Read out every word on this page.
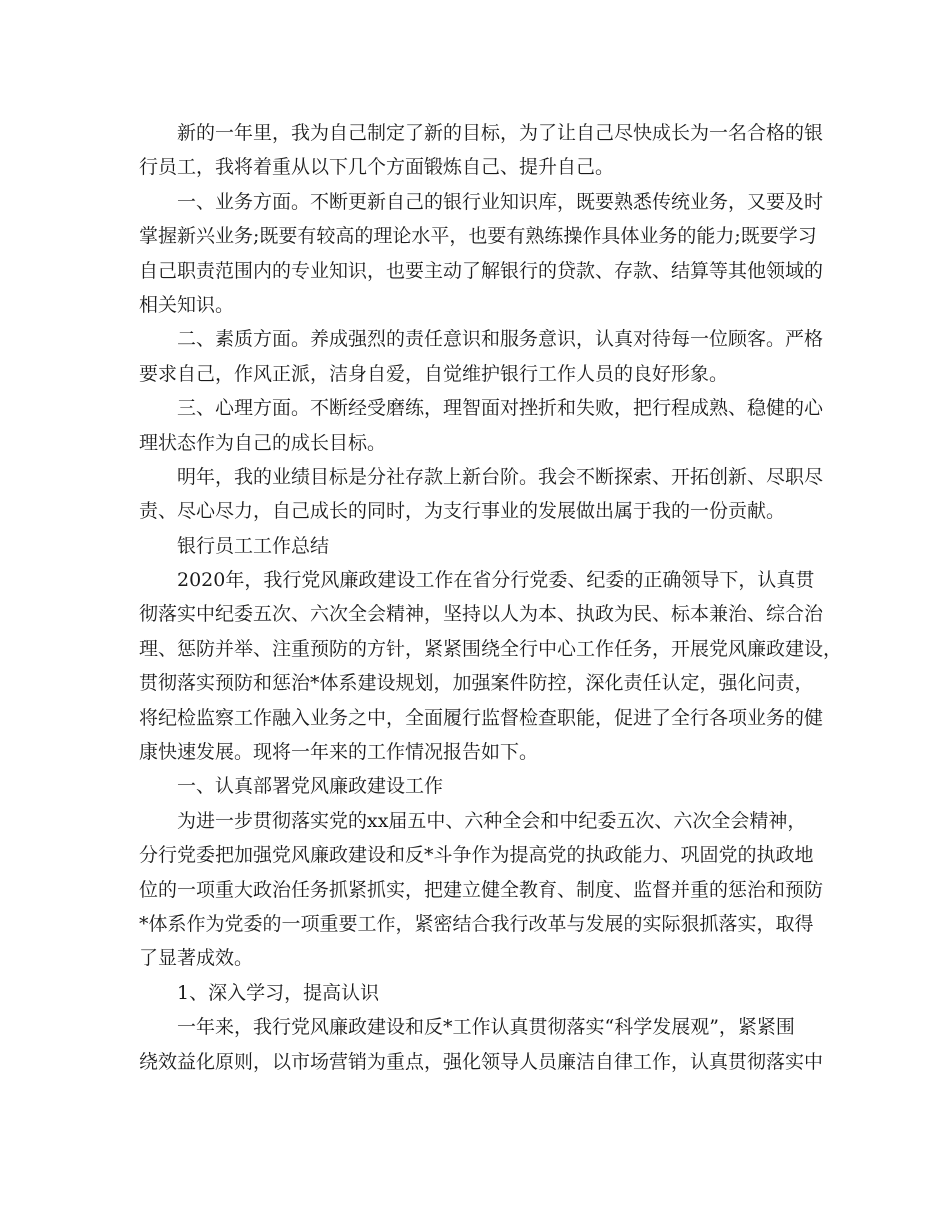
新的一年里，我为自己制定了新的目标，为了让自己尽快成长为一名合格的银
行员工，我将着重从以下几个方面锻炼自己、提升自己。
一、业务方面。不断更新自己的银行业知识库，既要熟悉传统业务，又要及时
掌握新兴业务;既要有较高的理论水平，也要有熟练操作具体业务的能力;既要学习
自己职责范围内的专业知识，也要主动了解银行的贷款、存款、结算等其他领域的
相关知识。
二、素质方面。养成强烈的责任意识和服务意识，认真对待每一位顾客。严格
要求自己，作风正派，洁身自爱，自觉维护银行工作人员的良好形象。
三、心理方面。不断经受磨练，理智面对挫折和失败，把行程成熟、稳健的心
理状态作为自己的成长目标。
明年，我的业绩目标是分社存款上新台阶。我会不断探索、开拓创新、尽职尽
责、尽心尽力，自己成长的同时，为支行事业的发展做出属于我的一份贡献。
银行员工工作总结
2020年，我行党风廉政建设工作在省分行党委、纪委的正确领导下，认真贯
彻落实中纪委五次、六次全会精神，坚持以人为本、执政为民、标本兼治、综合治
理、惩防并举、注重预防的方针，紧紧围绕全行中心工作任务，开展党风廉政建设，
贯彻落实预防和惩治*体系建设规划，加强案件防控，深化责任认定，强化问责，
将纪检监察工作融入业务之中，全面履行监督检查职能，促进了全行各项业务的健
康快速发展。现将一年来的工作情况报告如下。
一、认真部署党风廉政建设工作
为进一步贯彻落实党的xx届五中、六种全会和中纪委五次、六次全会精神，
分行党委把加强党风廉政建设和反*斗争作为提高党的执政能力、巩固党的执政地
位的一项重大政治任务抓紧抓实，把建立健全教育、制度、监督并重的惩治和预防
*体系作为党委的一项重要工作，紧密结合我行改革与发展的实际狠抓落实，取得
了显著成效。
1、深入学习，提高认识
一年来，我行党风廉政建设和反*工作认真贯彻落实“科学发展观”，紧紧围
绕效益化原则，以市场营销为重点，强化领导人员廉洁自律工作，认真贯彻落实中
